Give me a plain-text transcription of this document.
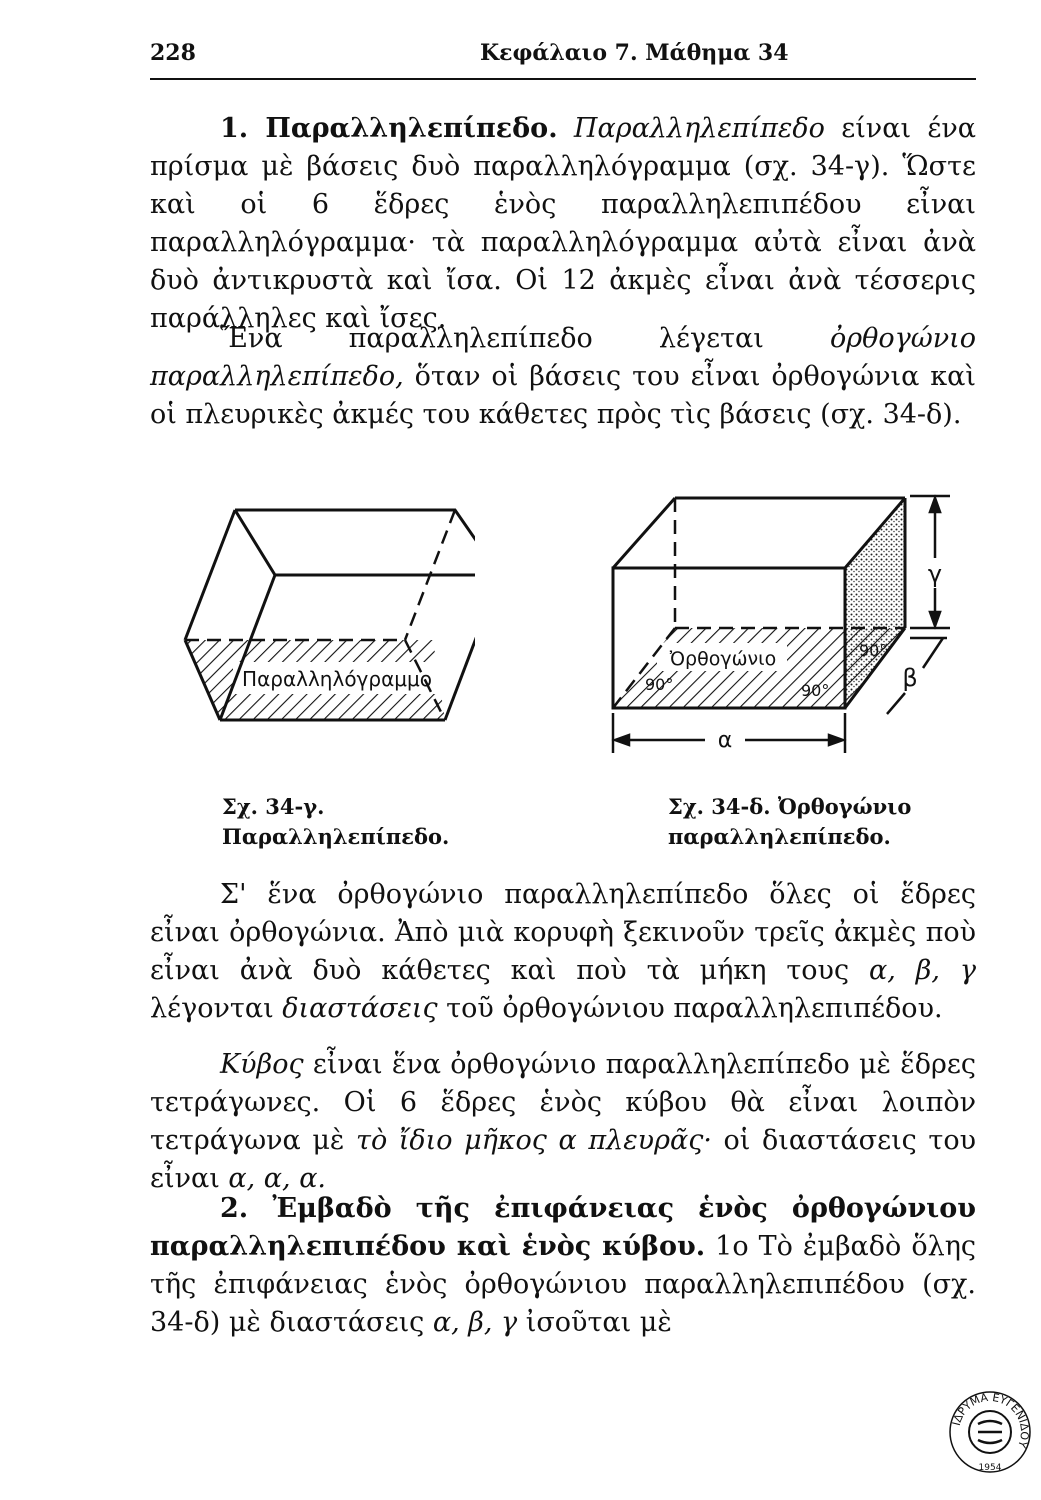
228	Κεφάλαιο 7. Μάθημα 34

1. Παραλληλεπίπεδο. Παραλληλεπίπεδο είναι ένα πρίσμα μὲ βάσεις δυὸ παραλληλόγραμμα (σχ. 34-γ). Ὥστε καὶ οἱ 6 ἕδρες ἑνὸς παραλληλεπιπέδου εἶναι παραλληλόγραμμα· τὰ παραλληλόγραμμα αὐτὰ εἶναι ἀνὰ δυὸ ἀντικρυστὰ καὶ ἴσα. Οἱ 12 ἀκμὲς εἶναι ἀνὰ τέσσερις παράλληλες καὶ ἴσες.

Ἕνα παραλληλεπίπεδο λέγεται ὀρθογώνιο παραλληλεπίπεδο, ὅταν οἱ βάσεις του εἶναι ὀρθογώνια καὶ οἱ πλευρικὲς ἀκμές του κάθετες πρὸς τὶς βάσεις (σχ. 34-δ).

Παραλληλόγραμμο
γ
β
α
Ὀρθογώνιο
90°	90°
90°
Σχ. 34-γ. Παραλληλεπίπεδο.
Σχ. 34-δ. Ὀρθογώνιο παραλληλεπίπεδο.

Σ' ἕνα ὀρθογώνιο παραλληλεπίπεδο ὅλες οἱ ἕδρες εἶναι ὀρθογώνια. Ἀπὸ μιὰ κορυφὴ ξεκινοῦν τρεῖς ἀκμὲς ποὺ εἶναι ἀνὰ δυὸ κάθετες καὶ ποὺ τὰ μήκη τους α, β, γ λέγονται διαστάσεις τοῦ ὀρθογώνιου παραλληλεπιπέδου.

Κύβος εἶναι ἕνα ὀρθογώνιο παραλληλεπίπεδο μὲ ἕδρες τετράγωνες. Οἱ 6 ἕδρες ἑνὸς κύβου θὰ εἶναι λοιπὸν τετράγωνα μὲ τὸ ἴδιο μῆκος α πλευρᾶς· οἱ διαστάσεις του εἶναι α, α, α.

2. Ἐμβαδὸ τῆς ἐπιφάνειας ἑνὸς ὀρθογώνιου παραλληλεπιπέδου καὶ ἑνὸς κύβου. 1ο Τὸ ἐμβαδὸ ὅλης τῆς ἐπιφάνειας ἑνὸς ὀρθογώνιου παραλληλεπιπέδου (σχ. 34-δ) μὲ διαστάσεις α, β, γ ἰσοῦται μὲ

ΙΔΡΥΜΑ ΕΥΓΕΝΙΔΟΥ
1954
